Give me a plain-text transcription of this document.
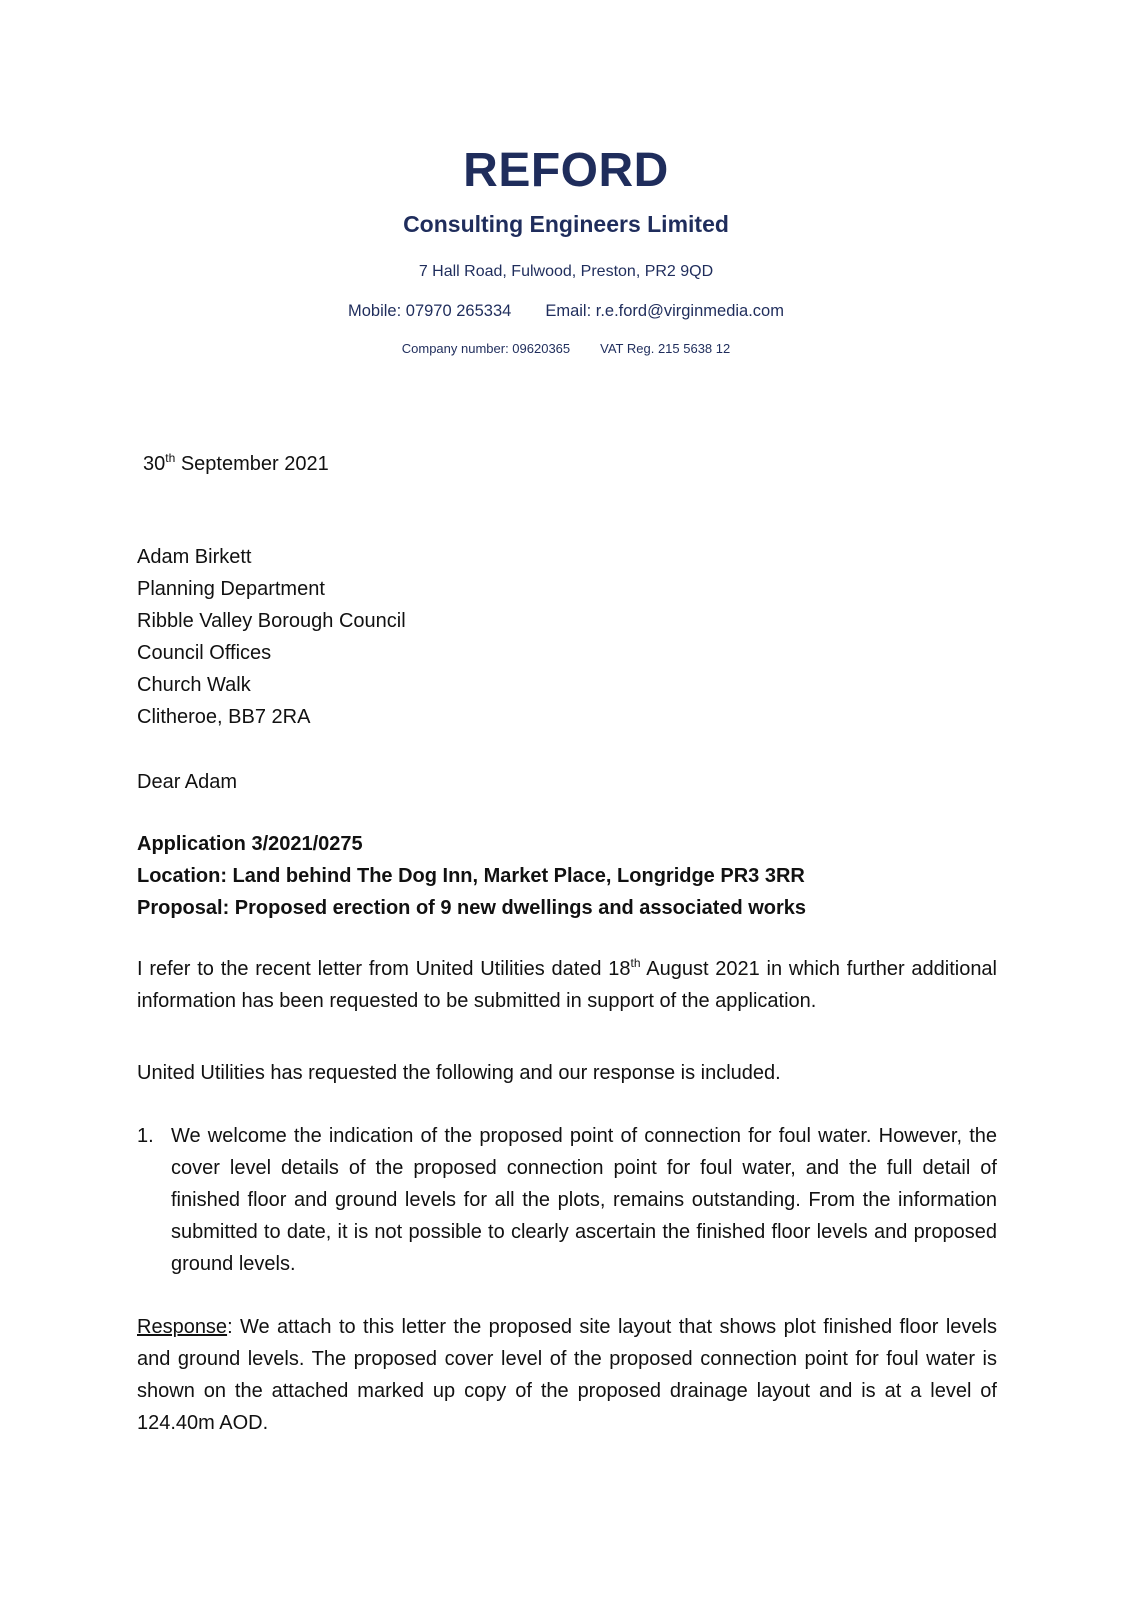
REFORD
Consulting Engineers Limited
7 Hall Road, Fulwood, Preston, PR2 9QD
Mobile: 07970 265334 Email: r.e.ford@virginmedia.com
Company number: 09620365 VAT Reg. 215 5638 12
30th September 2021
Adam Birkett
Planning Department
Ribble Valley Borough Council
Council Offices
Church Walk
Clitheroe, BB7 2RA
Dear Adam
Application 3/2021/0275
Location: Land behind The Dog Inn, Market Place, Longridge PR3 3RR
Proposal: Proposed erection of 9 new dwellings and associated works
I refer to the recent letter from United Utilities dated 18th August 2021 in which further additional information has been requested to be submitted in support of the application.
United Utilities has requested the following and our response is included.
1. We welcome the indication of the proposed point of connection for foul water. However, the cover level details of the proposed connection point for foul water, and the full detail of finished floor and ground levels for all the plots, remains outstanding. From the information submitted to date, it is not possible to clearly ascertain the finished floor levels and proposed ground levels.
Response: We attach to this letter the proposed site layout that shows plot finished floor levels and ground levels. The proposed cover level of the proposed connection point for foul water is shown on the attached marked up copy of the proposed drainage layout and is at a level of 124.40m AOD.
